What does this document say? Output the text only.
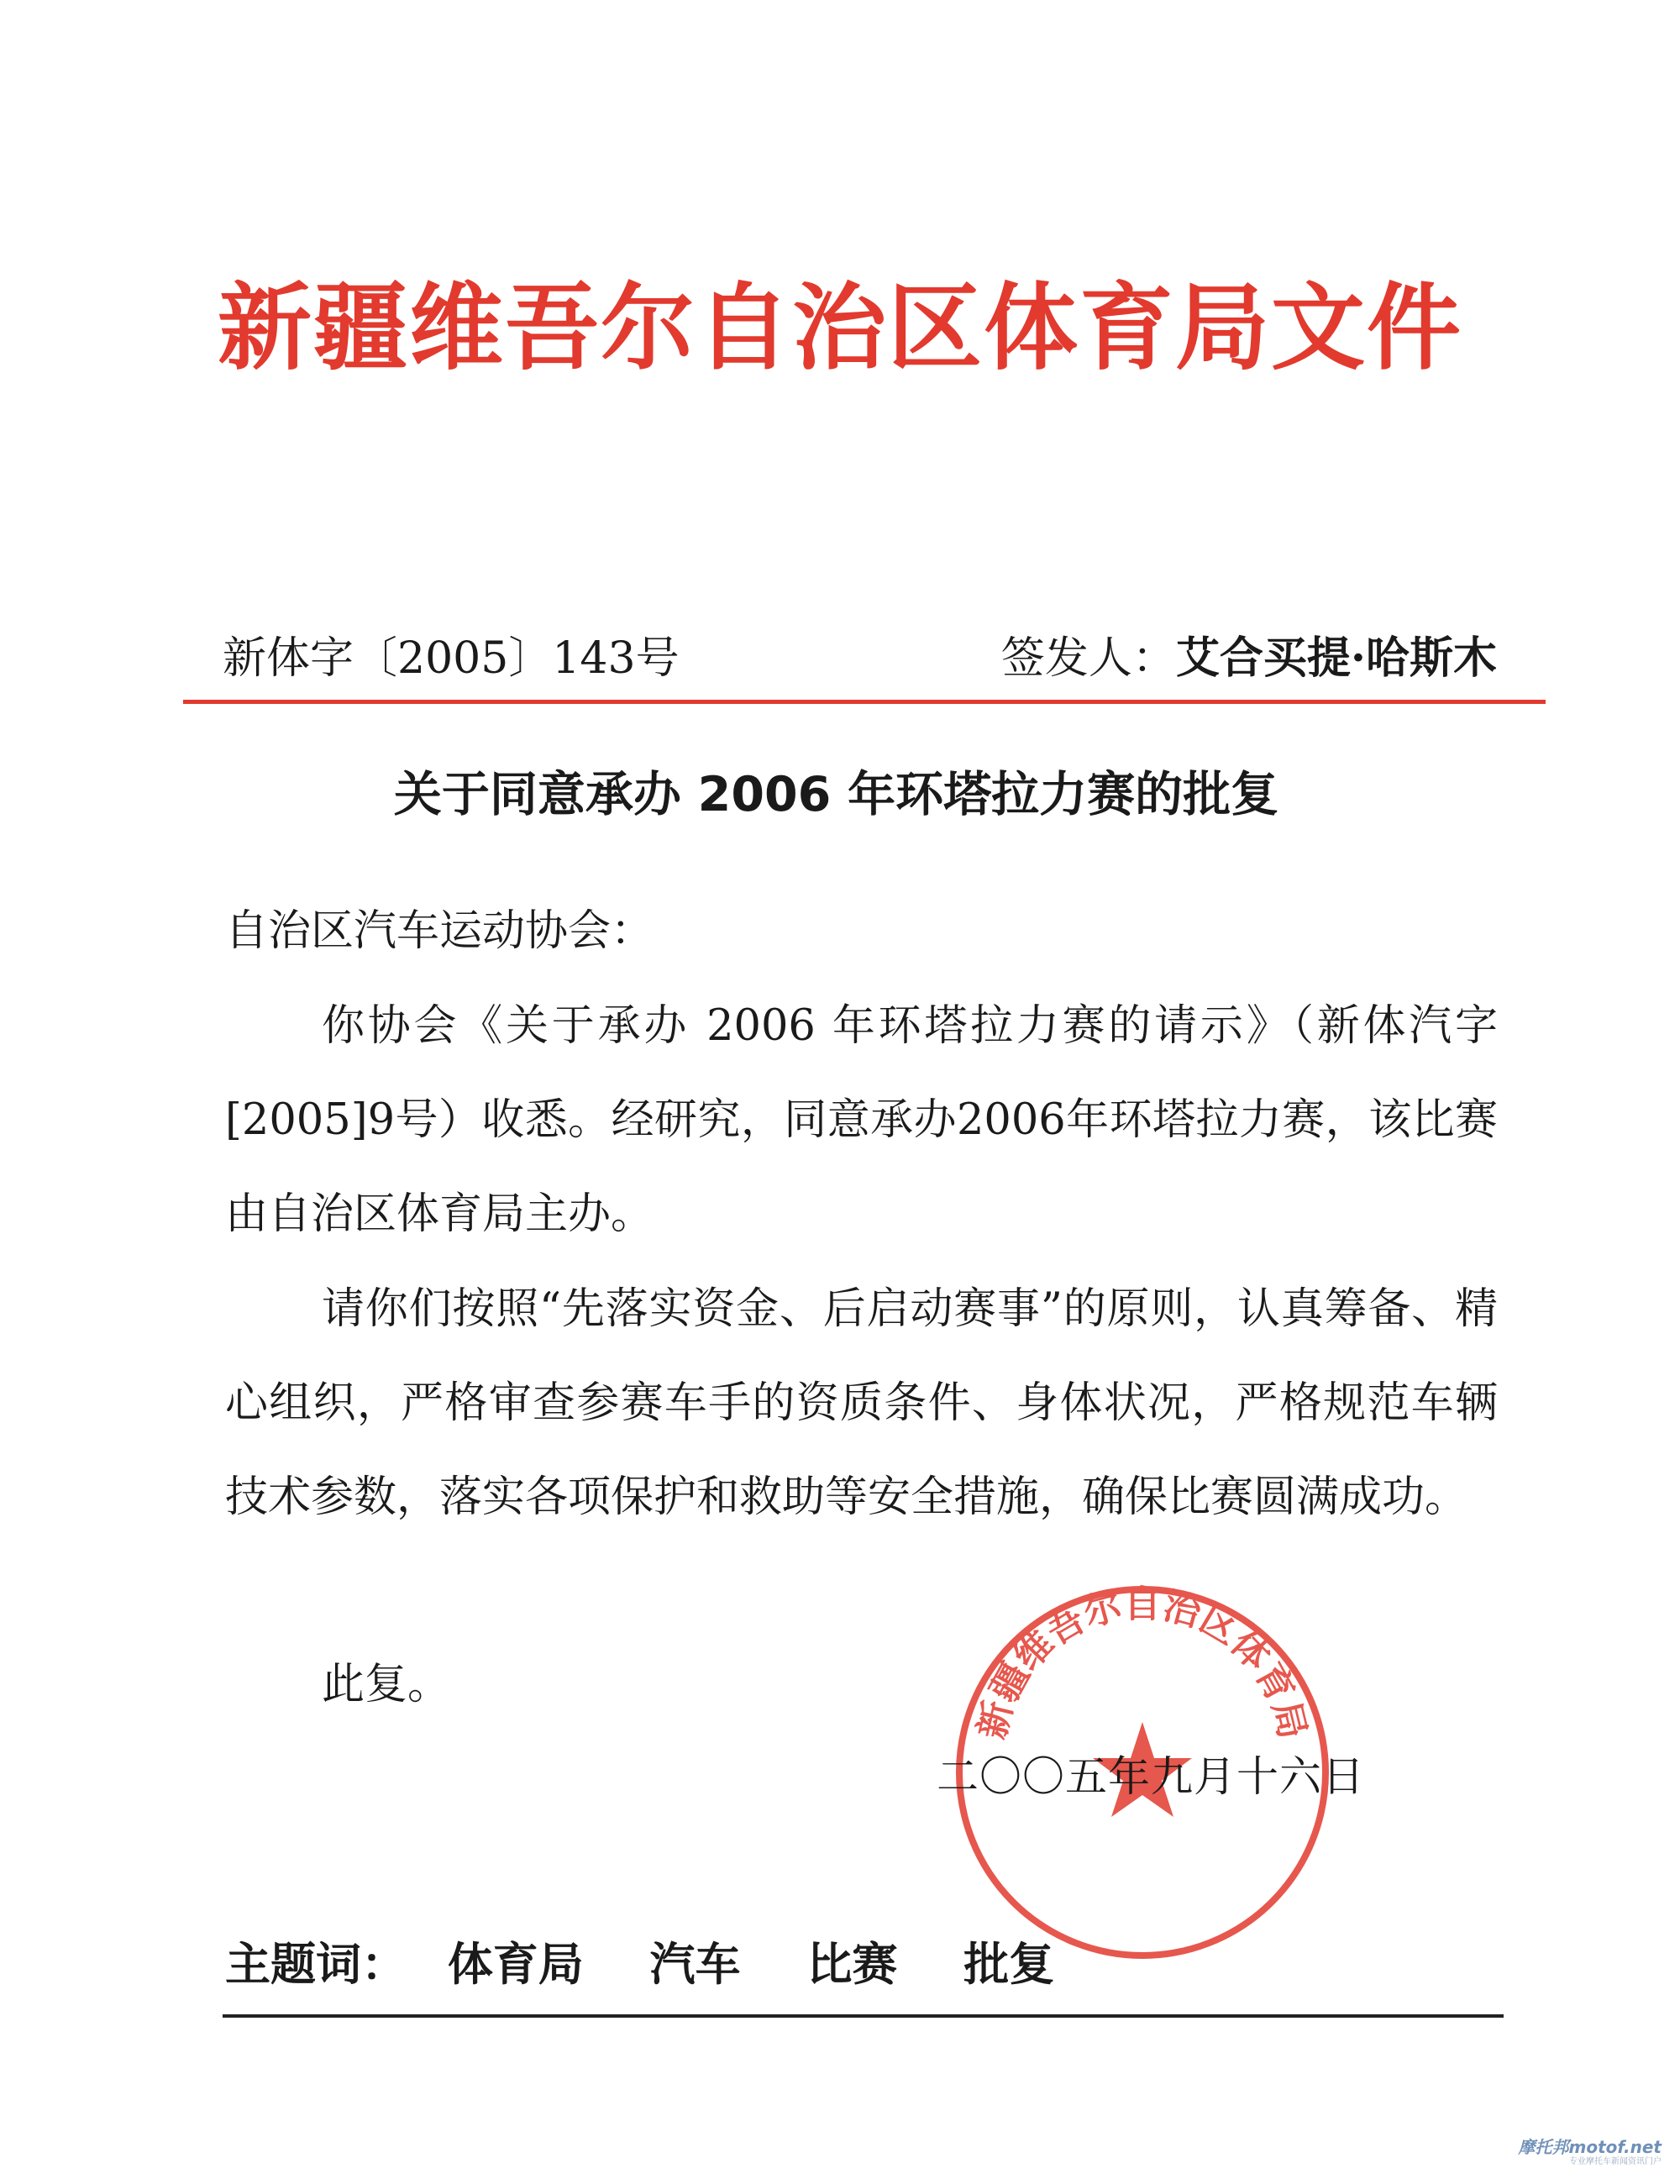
新疆维吾尔自治区体育局文件
新体字〔2005〕143号	签发人：艾合买提·哈斯木
关于同意承办 2006 年环塔拉力赛的批复
自治区汽车运动协会：

你协会《关于承办 2006 年环塔拉力赛的请示》（新体汽字[2005]9号）收悉。经研究，同意承办2006年环塔拉力赛，该比赛由自治区体育局主办。

请你们按照“先落实资金、后启动赛事”的原则，认真筹备、精心组织，严格审查参赛车手的资质条件、身体状况，严格规范车辆技术参数，落实各项保护和救助等安全措施，确保比赛圆满成功。

此复。
新疆维吾尔自治区体育局
二〇〇五年九月十六日
主题词： 体育局 汽车 比赛 批复
摩托邦motof.net
专业摩托车新闻资讯门户
